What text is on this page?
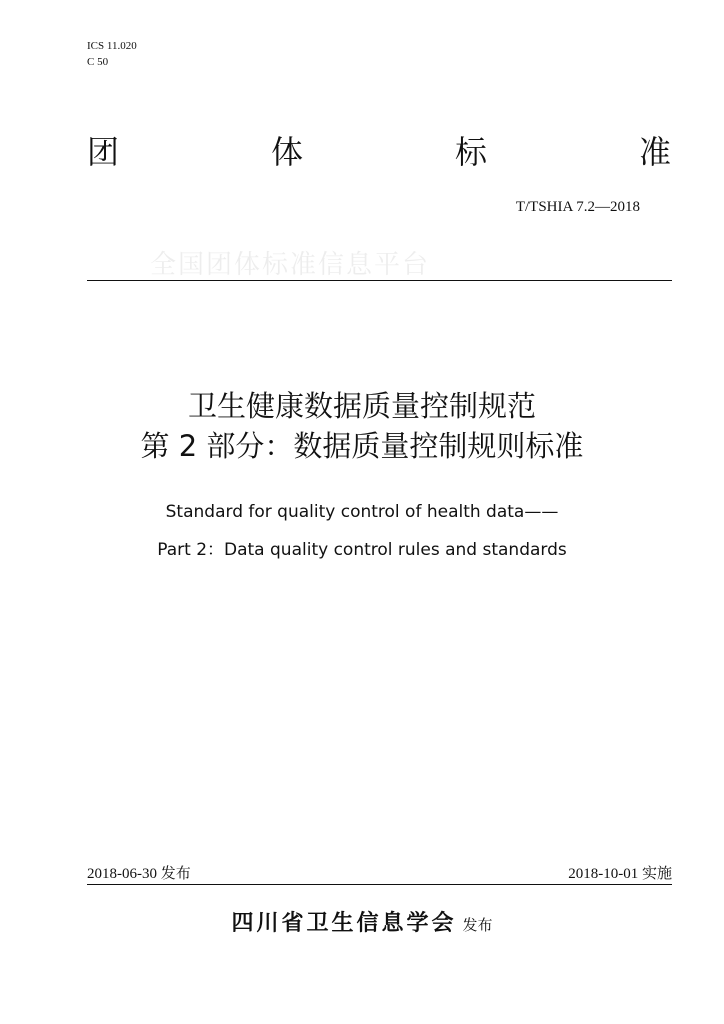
ICS 11.020
C 50
团	体	标	准
T/TSHIA 7.2—2018
全国团体标准信息平台
卫生健康数据质量控制规范
第 2 部分：数据质量控制规则标准
Standard for quality control of health data——
Part 2：Data quality control rules and standards
2018-06-30 发布	2018-10-01 实施
四川省卫生信息学会 发布
